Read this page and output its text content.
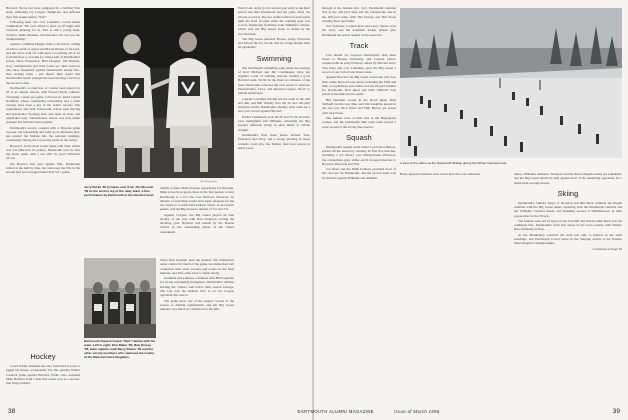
Harvard, 56-64, but were outplayed by a battling Yale team, defending Ivy League champions, and suffered their first league defeat, 70-67.

Following their win over Columbia, Coach Julian commented: "We can't afford to have an off night with everyone gunning for us. This is still a young team, bound to make mistakes, but mistakes can cost you the championship."

Against Columbia Duggie went to his bench, calling on Dave Gavitt as guard and Bryant Barnes at forward, and the move paid off with these two hitting 26 of 42 from the floor to account for almost half of Dartmouth's points. Dave Pasternack, Hud Douglas, Jim Hanson, Gary Vandermolen and John Jones are other reserves who have frequently spelled Dartmouth's steady five-man starting team - and there's little doubt that Dartmouth's bench strength has been the major factor in the record to date.

Dartmouth's scoring has, of course, been shared by all of its regular starters, with forward Rudy LaRusso averaging a point per game, followed by guard Chuck Kaufman, whose outstanding rebounding and a point average have been a key in the team's success. The sophomores and Walt Sosnowski, whose hard driving and spectacular shooting have also been an asset, and playmaker Gary Vandermolen, whose cool play under pressure has held the team together.

Dartmouth's record, coupled with a 38-point game average, top rebounding and some good defensive play, has pushed the Indians into the national rankings, consistently among the top twenty teams in the nation.

However, in the most recent game with Yale, which was lost (Harvard 10 points), Dartmouth won its first big home game with a run after its good defensive record.

Jim Bowie's first year against Yale, Dartmouth trailed at the half by nine, but outscored the Elis in the second half and averaged better than 5.0 a game.

Lois Meyer photo
Jerry Burke '60 (r) takes over from Jim Wooster '59 as the anchor leg of the relay team, a fine performance by Dartmouth in the Harvard meet.

chiefly to allow Holborn more opportunity for shooting. Mike scored four goals, three in the first period, to lead Dartmouth to a 6-3 win over Harvard. However, no amount of switching would have been adequate for the two losses to Cornell and Clarkson which, in successive games, sent the Big Green to defeats of 7-0 and 7-6.

Against Colgate, the Big Green played its best hockey of the year with Bob Ferguson scoring the deciding goal. Holborn was named by the Boston writers as the outstanding player of the winter tournament.

Dartmouth Squash Coach "Red" Harlow with his team. Left to right: Kim Baker '60, Bob Kinsey '58, team captain, with Barry Parker '59 and the other varsity members who captured the trophy at the National Intercollegiates.

Yale's Bob Kreidler held the Indians' Jim Rutherford under control for much of the game, but Rutherford still connected with some seventy-odd points in the final minutes, and Yale came back to finish strong.

Kaufman and LaRusso combined with Bill Foppiano for strong rebounding throughout, Dartmouth's defense holding the visitors well below their season average. The loss was the Indians' first to an Ivy League opponent this season.

The game drew one of the largest crowds of the season to Alumni Gymnasium, and the Big Green remains very much in contention for the title.

Hockey

Coach Eddie Jeremiah has also found that it pays to juggle his lineup occasionally. For the opening Winter Carnival game against Harvard, Eddie, who switched Mike Holborn from a first-line center post to a second-line wing position.

West Point. Army got its second goal early in the third period and then Dartmouth tied the game when Joe Giroux scored it. The two teams battled on even terms until the final seconds when the winning goal was scored. Dartmouth freshman John Wellman's winner, which sent the Big Green down to defeat in the crowded rink.

The Big Green defeated Brown, Army, Princeton and Yale in the Ivy circuit, and by a large margin built its opponents.

Swimming

The Dartmouth swimming team under the tutelage of Karl Michael and Jim Commiskey, have put together a pair of winning seasons, beating a good Harvard team, 50-36. In the final two minutes of the meet Dartmouth collected the vital points to outscore Pennsylvania, 74-12, and defeated Colgate, 59-27, to remain undefeated.

Captain Cornelius Neville led the team in the 220 and 440, and Bill Whaley won the 50 and 100-yard freestyle events. Dartmouth's medley relay team set a new pool record against Harvard.

Earlier Dartmouth took 48-38 and 57-29 victories over Springfield and Williams, extending the Big Green's unbeaten string in dual meets to eleven straight.

Dartmouth's final three meets include Yale, Princeton and Navy, and a strong showing in those contests could give the Indians their best season in many years.

38

through at the Indians win, 3-25. Dartmouth captured first in the 220-yard dash and the breaststroke and in the 400-yard relay, with Tim Dorsey and Tim Foote winning their specialties.

Tod Sylvester, Connell Ross and Leroy Spence won the relay, and the Kaufman Stokes helped give Dartmouth the points needed in the team race.

Track

Last month we reported Dartmouth's dual meet losses to Boston University and Cornell, which, coupled with an early February defeat by Harvard and a Yale meet win over Columbia, gave the Big Green a record of one victory and three losses.

Against Harvard, the Big Green could take only four firsts while Harvard won seven, including the 1000 and mile, as sophomore Len Carlin won the 60-yard hurdles for Dartmouth. Bob Reed and Dick Stillwell took points in the mile and two-mile.

Bill Denckler scored in the broad jump, Dick Stillwell ran his best time, and Jim Laughlin placed in the shot put. Dick Webb and Walt Barrett got points with Jack Eaton.

The Indians were at their best at the Heptagonal Games, and the Dartmouth mile relay team placed a close second to the strong Yale quartet.

Squash

Dartmouth's squash team, under Coach Red Harlow, started off the season by winning its first five matches, including a 4-5 victory over Pennsylvania. However, the competition grew stiffer and it dropped matches to Harvard, Princeton and Yale.

Cal Ibsen and the Mills brothers provided most of the victories for Dartmouth, and the second team won its matches against Williams and Amherst.

A view of the slalom at the Dartmouth Skiway during the Winter Carnival meet.

Hosts again the matches were closer than the score indicated.	Amos, Williams, Amherst, Wesleyan and the Intercollegiate teams are scheduled, and the Big Green should do well against most of the remaining opponents for a better-than-average season.

Skiing

Dartmouth's Chiharu Igaya of Norwich and Bill Beck continue the Pisgah tradition with the Big Green skiers capturing both the Dartmouth Carnival and the Williams Carnival meets, and finishing second at Williamstown in their preparation for the NCAA.

The Indians were led by Igaya in the downhill and slalom while Beck won the combined title. Dartmouth's team also shone in the cross-country with Nunzio Raso finishing well up.

At the Middlebury Carnival the team lost only to Denver in the team standings, and Dartmouth scored better in the jumping events at the Eastern Intercollegiate Championships.

Continued on Page 65

DARTMOUTH ALUMNI MAGAZINE	Issue of March 1958	39
